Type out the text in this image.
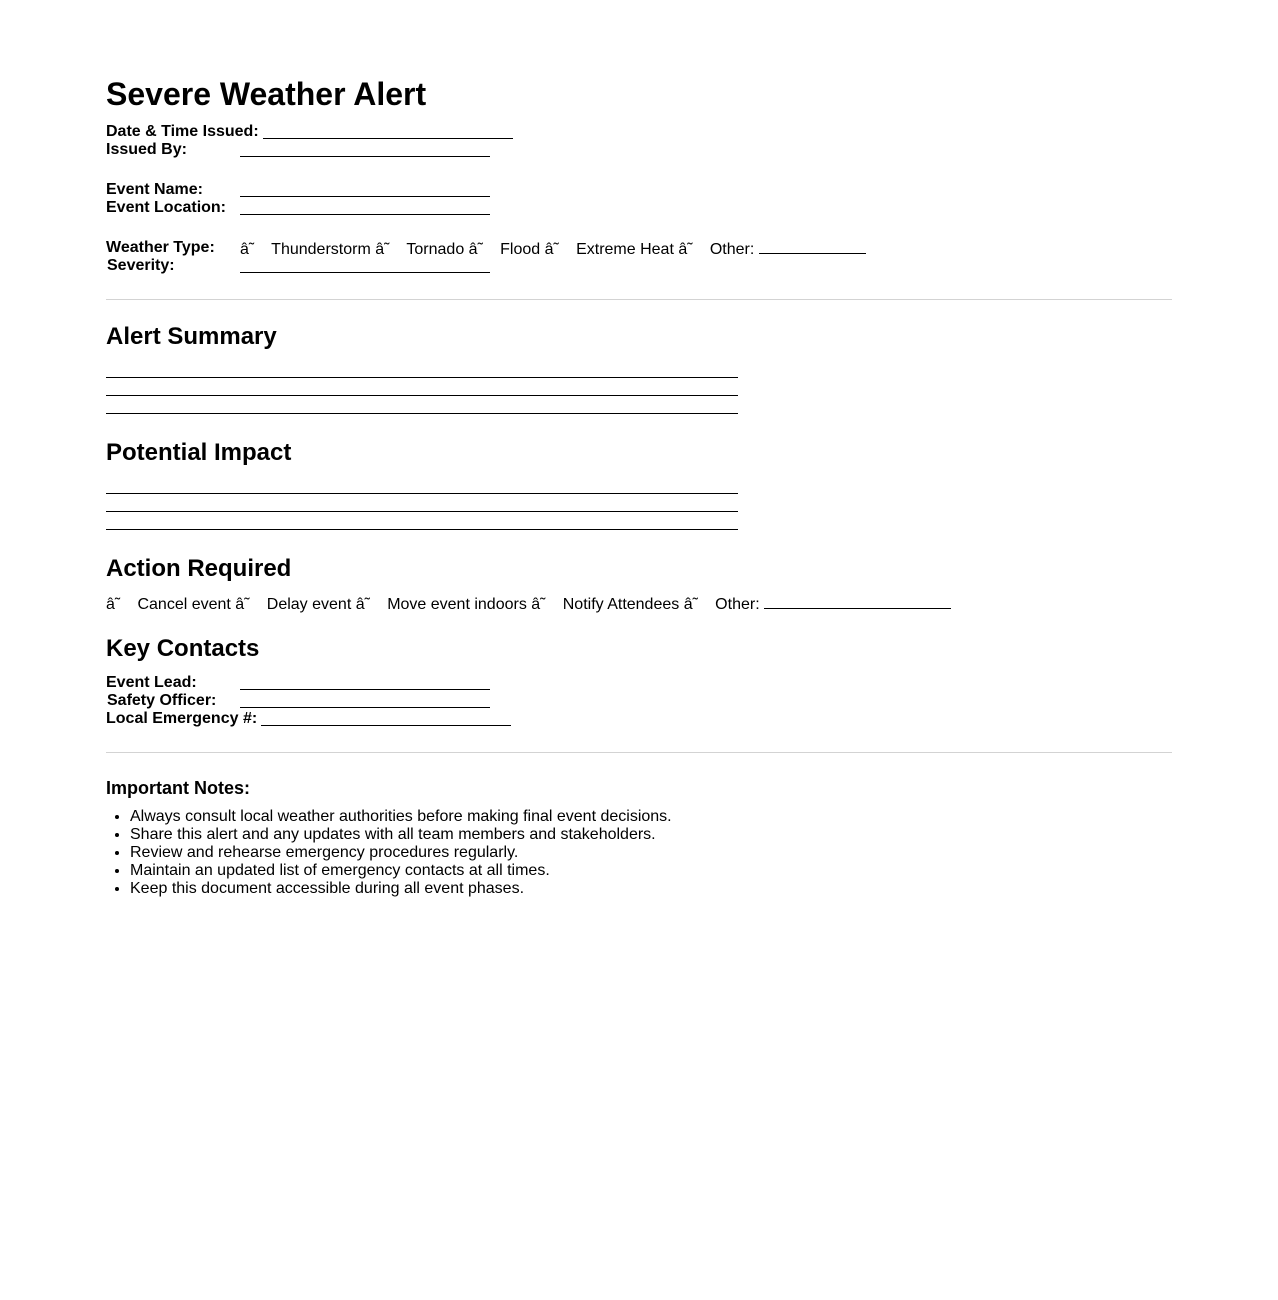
Severe Weather Alert
Date & Time Issued:
Issued By:
Event Name:
Event Location:
Weather Type: â˜ Thunderstorm â˜ Tornado â˜ Flood â˜ Extreme Heat â˜ Other:
Severity:
Alert Summary
Potential Impact
Action Required
â˜ Cancel event â˜ Delay event â˜ Move event indoors â˜ Notify Attendees â˜ Other:
Key Contacts
Event Lead:
Safety Officer:
Local Emergency #:
Important Notes:
• Always consult local weather authorities before making final event decisions.
• Share this alert and any updates with all team members and stakeholders.
• Review and rehearse emergency procedures regularly.
• Maintain an updated list of emergency contacts at all times.
• Keep this document accessible during all event phases.
